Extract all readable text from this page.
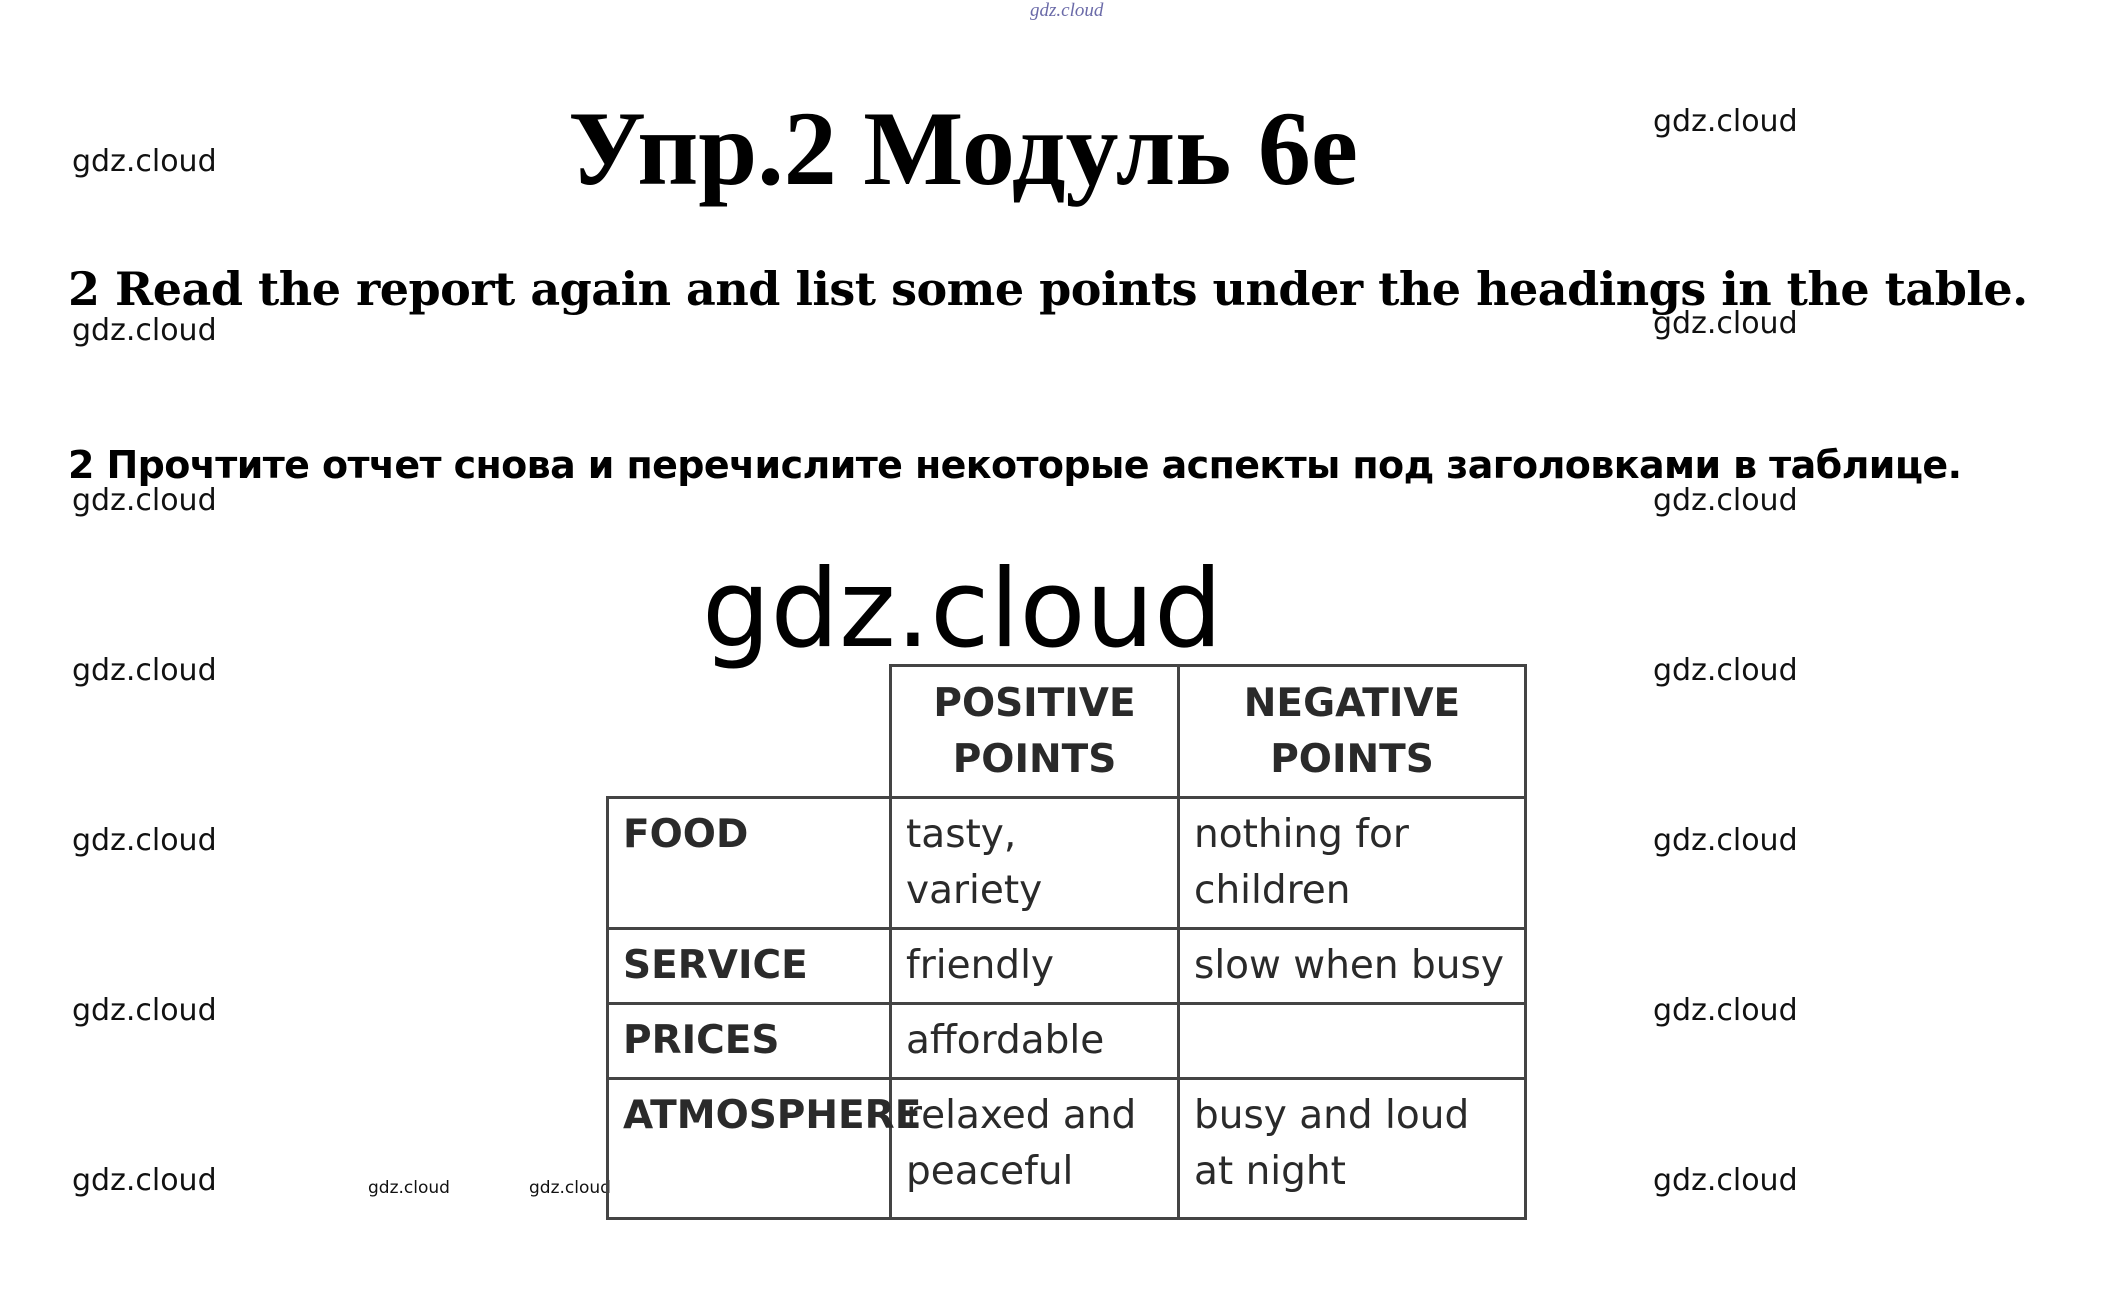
gdz.cloud
Упр.2 Модуль 6e
2 Read the report again and list some points under the headings in the table.
2 Прочтите отчет снова и перечислите некоторые аспекты под заголовками в таблице.
gdz.cloud
gdz.cloud
gdz.cloud
gdz.cloud
gdz.cloud
gdz.cloud
gdz.cloud
gdz.cloud
gdz.cloud
gdz.cloud
gdz.cloud
gdz.cloud
gdz.cloud
gdz.cloud
gdz.cloud	gdz.cloud
	POSITIVE POINTS	NEGATIVE POINTS
FOOD	tasty, variety	nothing for children
SERVICE	friendly	slow when busy
PRICES	affordable	
ATMOSPHERE	relaxed and peaceful	busy and loud at night
gdz.cloud
